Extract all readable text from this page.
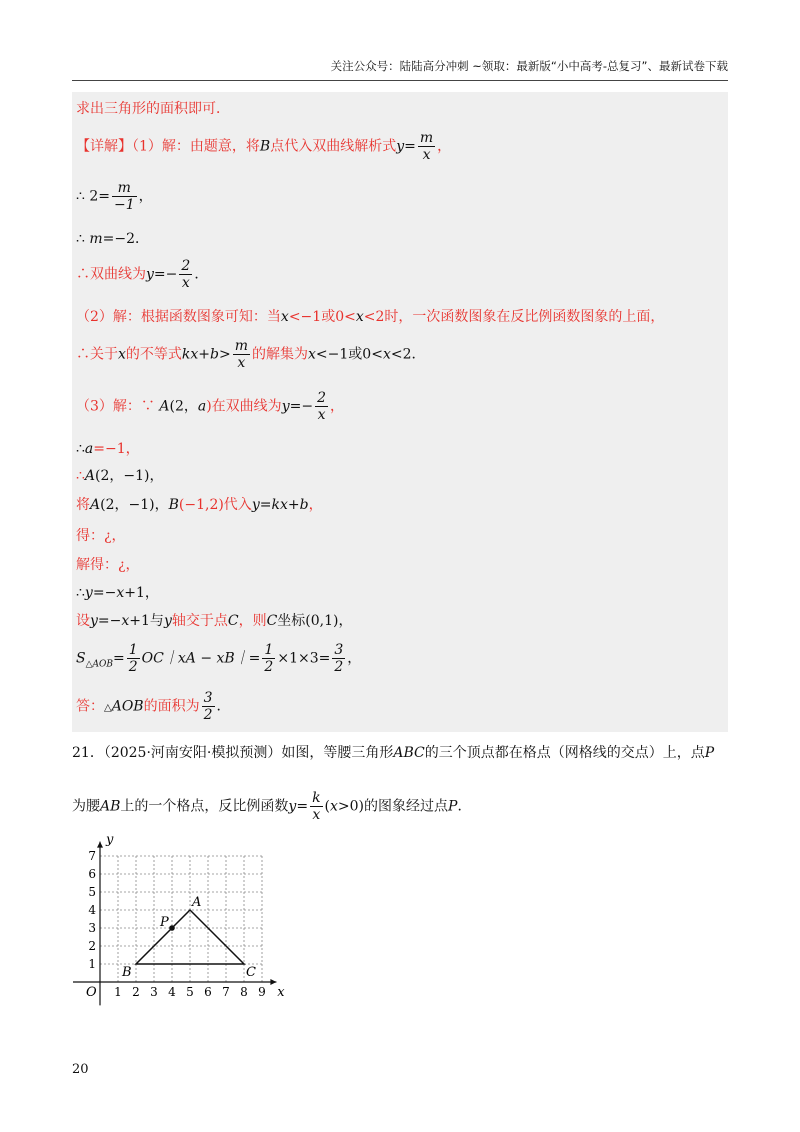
关注公众号：陆陆高分冲刺 ~领取：最新版“小中高考-总复习”、最新试卷下载
求出三角形的面积即可．
【详解】（1）解：由题意，将B点代入双曲线解析式$y= \frac{m}{x}$ ，
∴ $2= \frac{m}{-1}$ ，
∴ m=−2．
∴双曲线为$y=- \frac{2}{x}$ ．
（2）解：根据函数图象可知：当x<−1或0<x<2时，一次函数图象在反比例函数图象的上面，
∴关于x的不等式$kx+b> \frac{m}{x}$ 的解集为x<−1或0<x<2．
（3）解：∵ A(2，a)在双曲线为$y=- \frac{2}{x}$ ，
∴a=−1，
∴A(2，−1)，
将A(2，−1)，B(−1,2)代入y=kx+b，
得：¿，
解得：¿，
∴y=−x+1，
设y=−x+1与y轴交于点C，则C坐标(0,1)，
$S_{\triangle AOB}= \frac{1}{2}$ OC｜xA − xB｜= $\frac{1}{2} \times 1\times 3= \frac{3}{2}$ ，
答：△AOB的面积为 $\frac{3}{2}$ ．
21．（2025·河南安阳·模拟预测）如图，等腰三角形ABC的三个顶点都在格点（网格线的交点）上，点P
为腰AB上的一个格点，反比例函数$y= \frac{k}{x} (x>0)$的图象经过点P．
1 2 3 4 5 6 7 8 9
1
2
3
4
5
6
7
x
y
O
A
B	C
P
20
